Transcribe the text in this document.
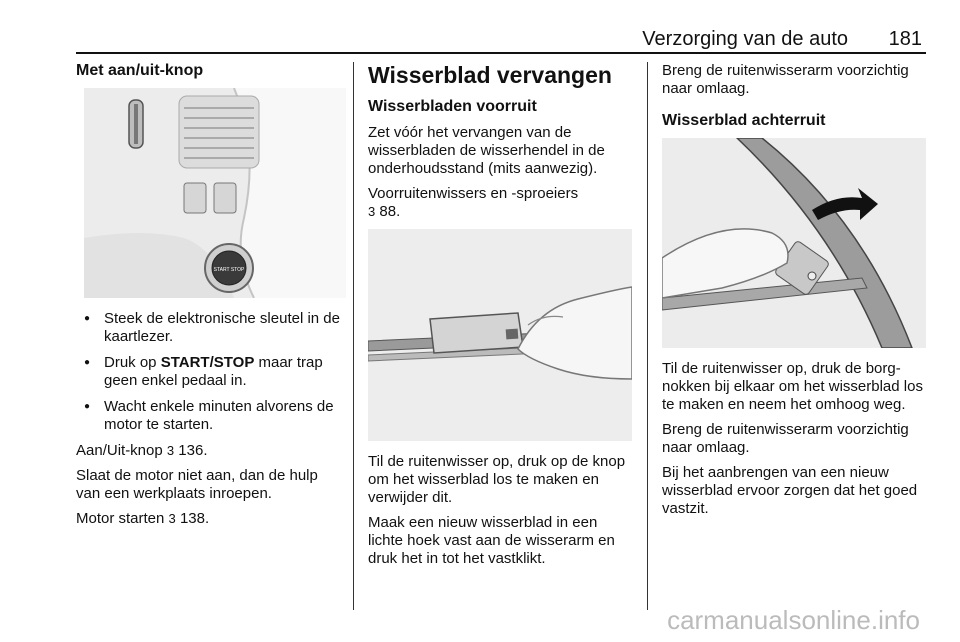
Verzorging van de auto 181
Met aan/uit-knop
START STOP
● Steek de elektronische sleutel in de kaartlezer.
● Druk op START/STOP maar trap geen enkel pedaal in.
● Wacht enkele minuten alvorens de motor te starten.

Aan/Uit-knop 3 136.

Slaat de motor niet aan, dan de hulp van een werkplaats inroepen.

Motor starten 3 138.

Wisserblad vervangen
Wisserbladen voorruit

Zet vóór het vervangen van de wisserbladen de wisserhendel in de onderhoudsstand (mits aanwezig).

Voorruitenwissers en -sproeiers
3 88.

Til de ruitenwisser op, druk op de knop om het wisserblad los te maken en verwijder dit.

Maak een nieuw wisserblad in een lichte hoek vast aan de wisserarm en druk het in tot het vastklikt.

Breng de ruitenwisserarm voorzichtig naar omlaag.

Wisserblad achterruit

Til de ruitenwisser op, druk de borg-nokken bij elkaar om het wisserblad los te maken en neem het omhoog weg.

Breng de ruitenwisserarm voorzichtig naar omlaag.

Bij het aanbrengen van een nieuw wisserblad ervoor zorgen dat het goed vastzit.

carmanualsonline.info
